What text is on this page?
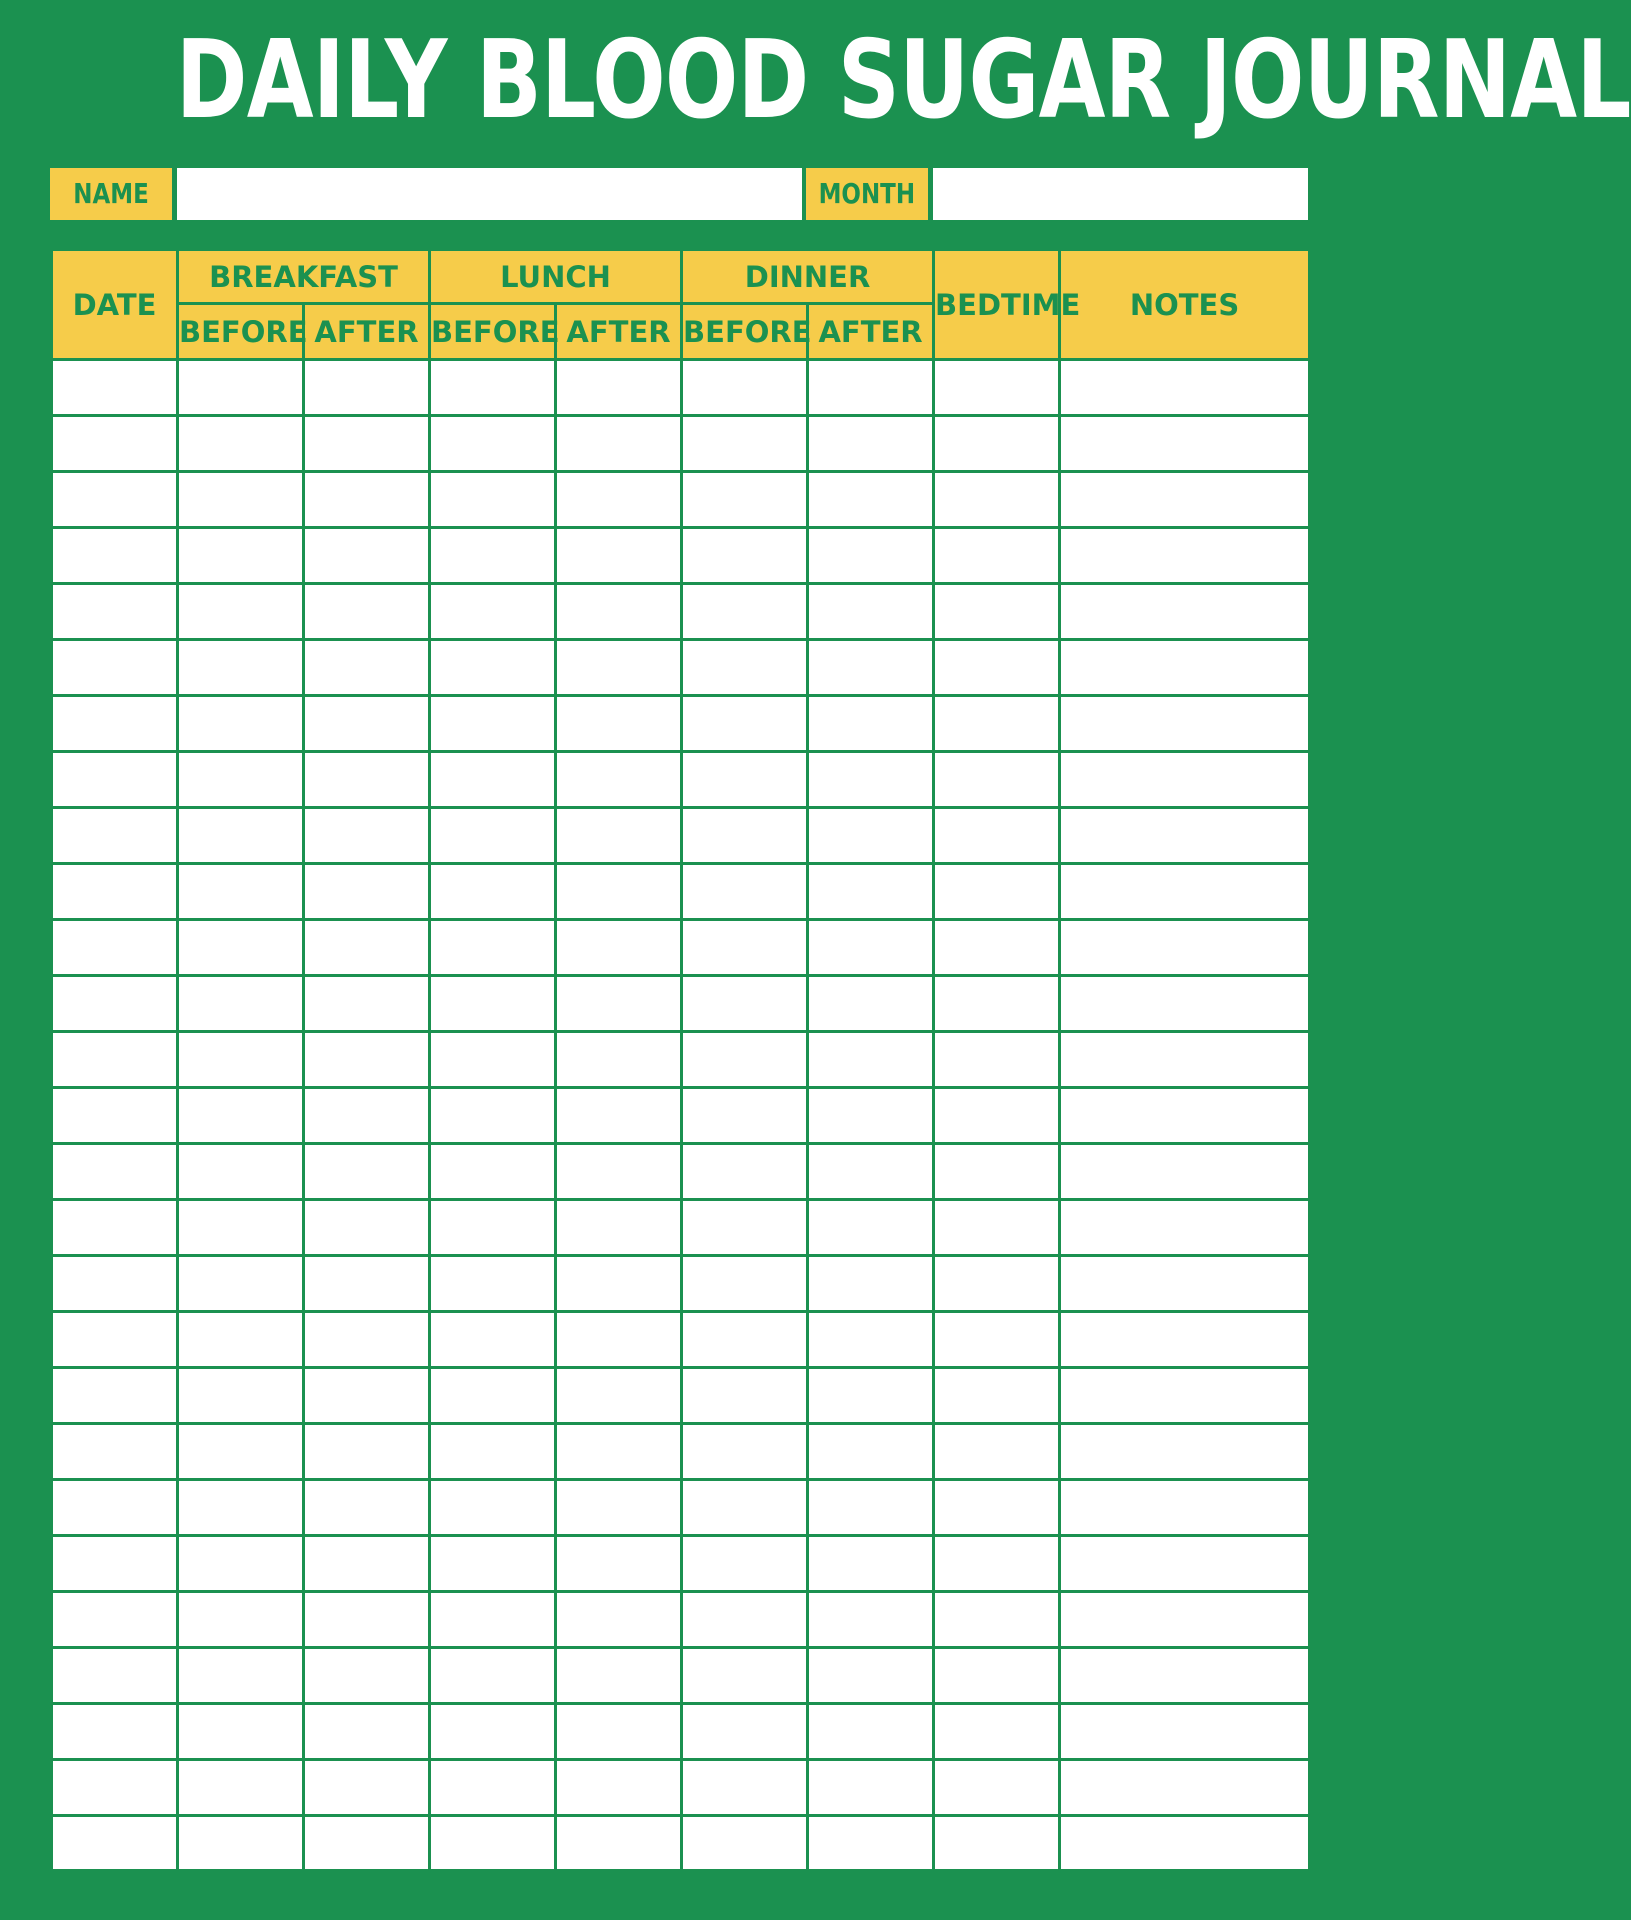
DAILY BLOOD SUGAR JOURNAL
NAME	MONTH
DATE	BREAKFAST		LUNCH		DINNER		BEDTIME	NOTES
	BEFORE	AFTER	BEFORE	AFTER	BEFORE	AFTER		
